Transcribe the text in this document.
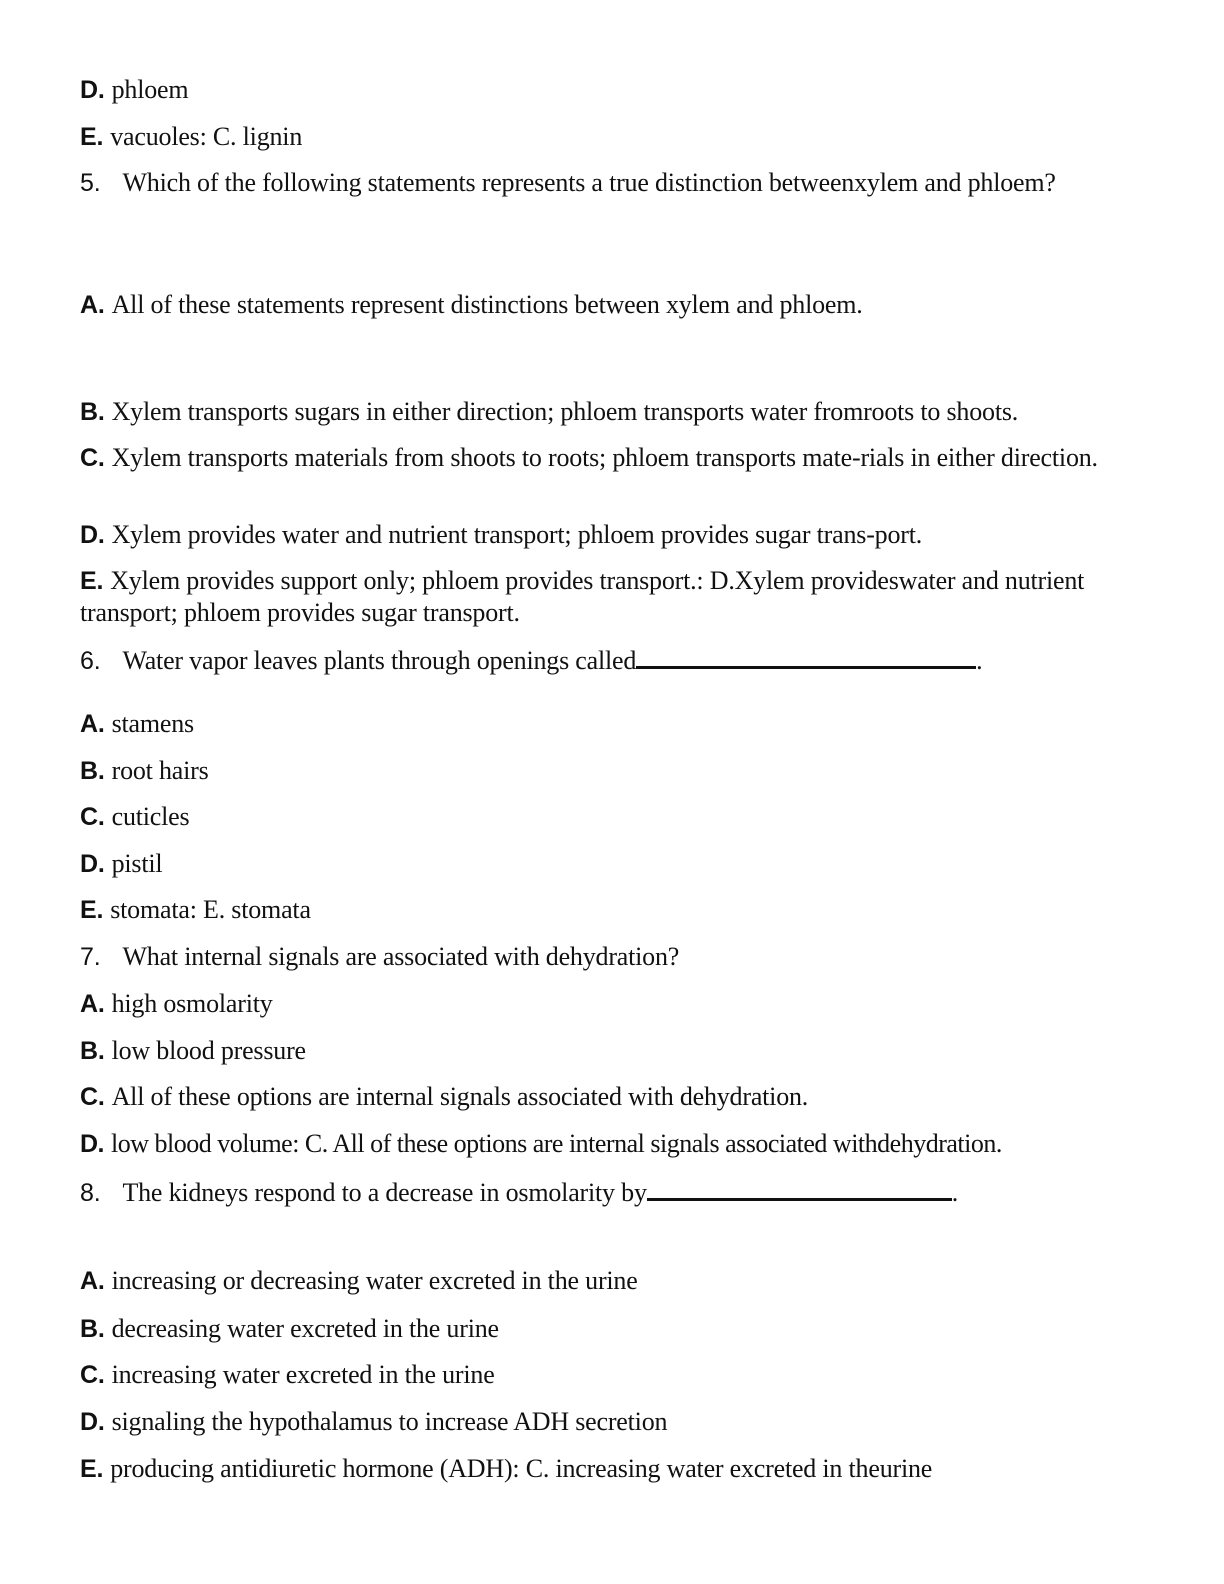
D. phloem
E. vacuoles: C. lignin
5. Which of the following statements represents a true distinction betweenxylem and phloem?
A. All of these statements represent distinctions between xylem and phloem.
B. Xylem transports sugars in either direction; phloem transports water fromroots to shoots.
C. Xylem transports materials from shoots to roots; phloem transports mate-rials in either direction.
D. Xylem provides water and nutrient transport; phloem provides sugar trans-port.
E. Xylem provides support only; phloem provides transport.: D.Xylem provideswater and nutrient transport; phloem provides sugar transport.
6. Water vapor leaves plants through openings called	.
A. stamens
B. root hairs
C. cuticles
D. pistil
E. stomata: E. stomata
7. What internal signals are associated with dehydration?
A. high osmolarity
B. low blood pressure
C. All of these options are internal signals associated with dehydration.
D. low blood volume: C. All of these options are internal signals associated withdehydration.
8. The kidneys respond to a decrease in osmolarity by	.
A. increasing or decreasing water excreted in the urine
B. decreasing water excreted in the urine
C. increasing water excreted in the urine
D. signaling the hypothalamus to increase ADH secretion
E. producing antidiuretic hormone (ADH): C. increasing water excreted in theurine
